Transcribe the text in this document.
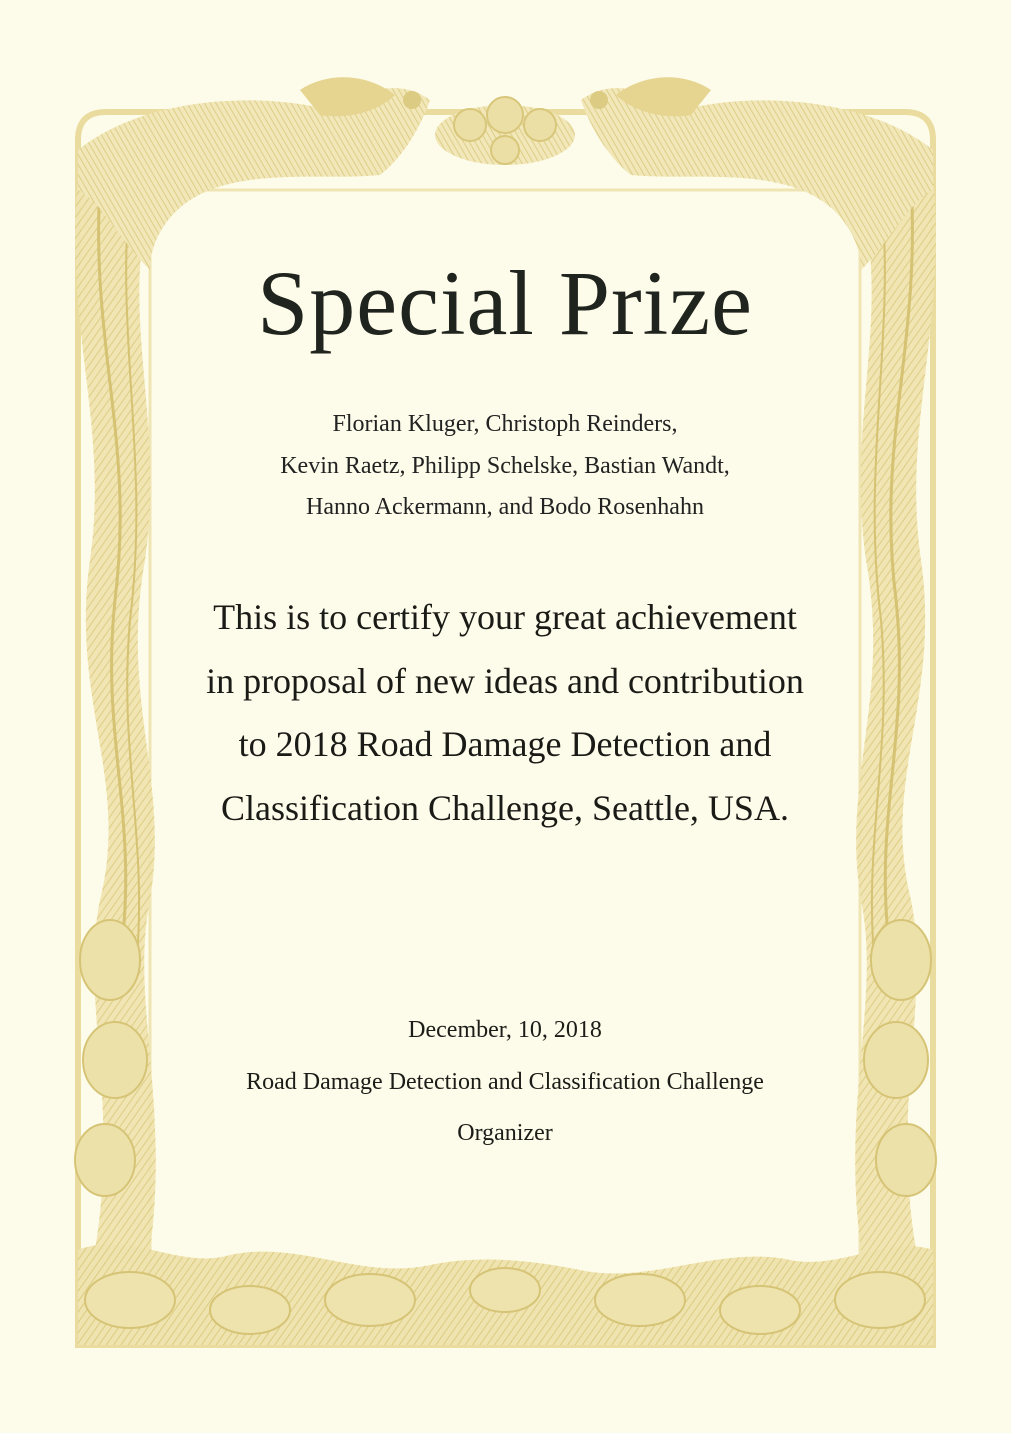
Special Prize
Florian Kluger, Christoph Reinders,
Kevin Raetz, Philipp Schelske, Bastian Wandt,
Hanno Ackermann, and Bodo Rosenhahn
This is to certify your great achievement
in proposal of new ideas and contribution
to 2018 Road Damage Detection and
Classification Challenge, Seattle, USA.
December, 10, 2018
Road Damage Detection and Classification Challenge
Organizer
